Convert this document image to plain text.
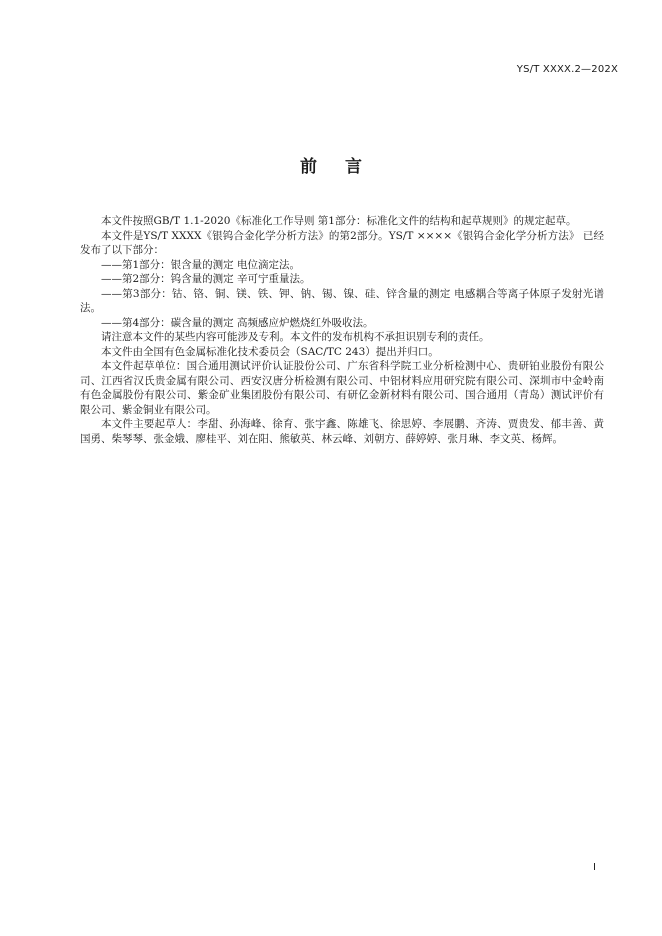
YS/T XXXX.2—202X
前言

本文件按照GB/T 1.1-2020《标准化工作导则 第1部分：标准化文件的结构和起草规则》的规定起草。

本文件是YS/T XXXX《银钨合金化学分析方法》的第2部分。YS/T ××××《银钨合金化学分析方法》 已经发布了以下部分：

——第1部分：银含量的测定 电位滴定法。

——第2部分：钨含量的测定 辛可宁重量法。

——第3部分：钴、铬、铜、镁、铁、钾、钠、锡、镍、硅、锌含量的测定 电感耦合等离子体原子发射光谱法。

——第4部分：碳含量的测定 高频感应炉燃烧红外吸收法。

请注意本文件的某些内容可能涉及专利。本文件的发布机构不承担识别专利的责任。

本文件由全国有色金属标准化技术委员会（SAC/TC 243）提出并归口。

本文件起草单位：国合通用测试评价认证股份公司、广东省科学院工业分析检测中心、贵研铂业股份有限公司、江西省汉氏贵金属有限公司、西安汉唐分析检测有限公司、中铝材料应用研究院有限公司、深圳市中金岭南有色金属股份有限公司、紫金矿业集团股份有限公司、有研亿金新材料有限公司、国合通用（青岛）测试评价有限公司、紫金铜业有限公司。

本文件主要起草人：李甜、孙海峰、徐育、张宇鑫、陈雄飞、徐思婷、李展鹏、齐涛、贾贵发、郁丰善、黄国勇、柴琴琴、张金娥、廖桂平、刘在阳、熊敏英、林云峰、刘朝方、薛婷婷、张月琳、李文英、杨辉。

I
